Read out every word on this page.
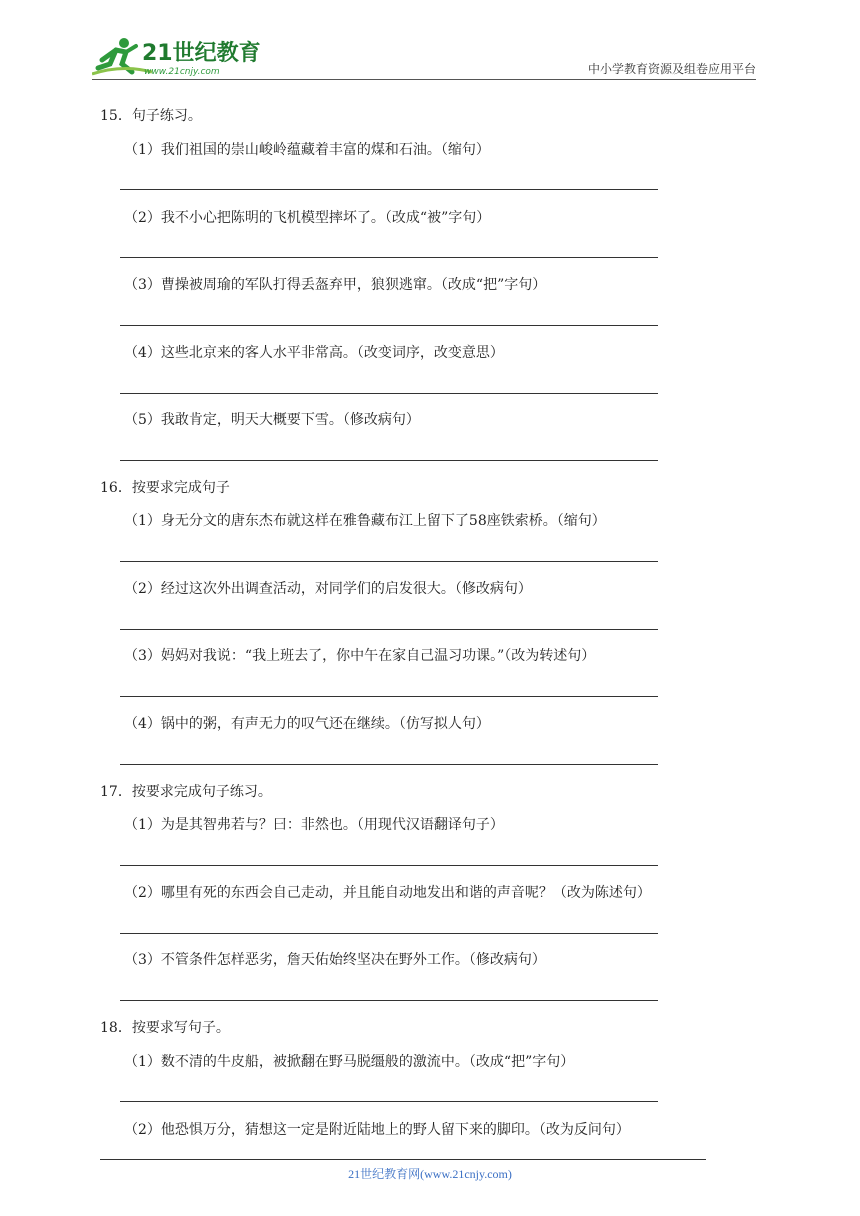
21世纪教育
www.21cnjy.com	中小学教育资源及组卷应用平台
15．句子练习。
（1）我们祖国的崇山峻岭蕴藏着丰富的煤和石油。（缩句）
（2）我不小心把陈明的飞机模型摔坏了。（改成“被”字句）
（3）曹操被周瑜的军队打得丢盔弃甲，狼狈逃窜。（改成“把”字句）
（4）这些北京来的客人水平非常高。（改变词序，改变意思）
（5）我敢肯定，明天大概要下雪。（修改病句）
16．按要求完成句子
（1）身无分文的唐东杰布就这样在雅鲁藏布江上留下了58座铁索桥。（缩句）
（2）经过这次外出调查活动，对同学们的启发很大。（修改病句）
（3）妈妈对我说：“我上班去了，你中午在家自己温习功课。”（改为转述句）
（4）锅中的粥，有声无力的叹气还在继续。（仿写拟人句）
17．按要求完成句子练习。
（1）为是其智弗若与？曰：非然也。（用现代汉语翻译句子）
（2）哪里有死的东西会自己走动，并且能自动地发出和谐的声音呢？（改为陈述句）
（3）不管条件怎样恶劣，詹天佑始终坚决在野外工作。（修改病句）
18．按要求写句子。
（1）数不清的牛皮船，被掀翻在野马脱缰般的激流中。（改成“把”字句）
（2）他恐惧万分，猜想这一定是附近陆地上的野人留下来的脚印。（改为反问句）
21世纪教育网(www.21cnjy.com)
